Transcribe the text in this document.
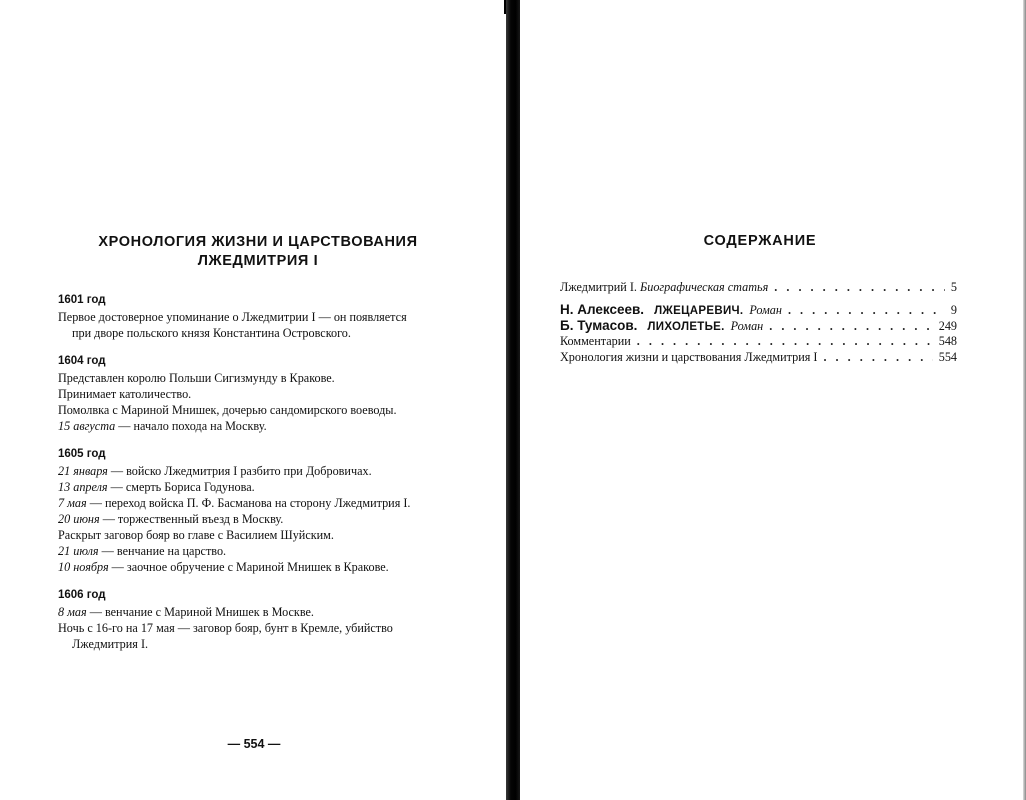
ХРОНОЛОГИЯ ЖИЗНИ И ЦАРСТВОВАНИЯ
ЛЖЕДМИТРИЯ I
1601 год
Первое достоверное упоминание о Лжедмитрии I — он появляется
при дворе польского князя Константина Островского.
1604 год
Представлен королю Польши Сигизмунду в Кракове.
Принимает католичество.
Помолвка с Мариной Мнишек, дочерью сандомирского воеводы.
15 августа — начало похода на Москву.
1605 год
21 января — войско Лжедмитрия I разбито при Добровичах.
13 апреля — смерть Бориса Годунова.
7 мая — переход войска П. Ф. Басманова на сторону Лжедмитрия I.
20 июня — торжественный въезд в Москву.
Раскрыт заговор бояр во главе с Василием Шуйским.
21 июля — венчание на царство.
10 ноября — заочное обручение с Мариной Мнишек в Кракове.
1606 год
8 мая — венчание с Мариной Мнишек в Москве.
Ночь с 16-го на 17 мая — заговор бояр, бунт в Кремле, убийство
Лжедмитрия I.
— 554 —
СОДЕРЖАНИЕ
Лжедмитрий I. Биографическая статья . . .	5
Н. Алексеев. ЛЖЕЦАРЕВИЧ. Роман . . .	9
Б. Тумасов. ЛИХОЛЕТЬЕ. Роман . . .	249
Комментарии . . .	548
Хронология жизни и царствования Лжедмитрия I . . .	554
